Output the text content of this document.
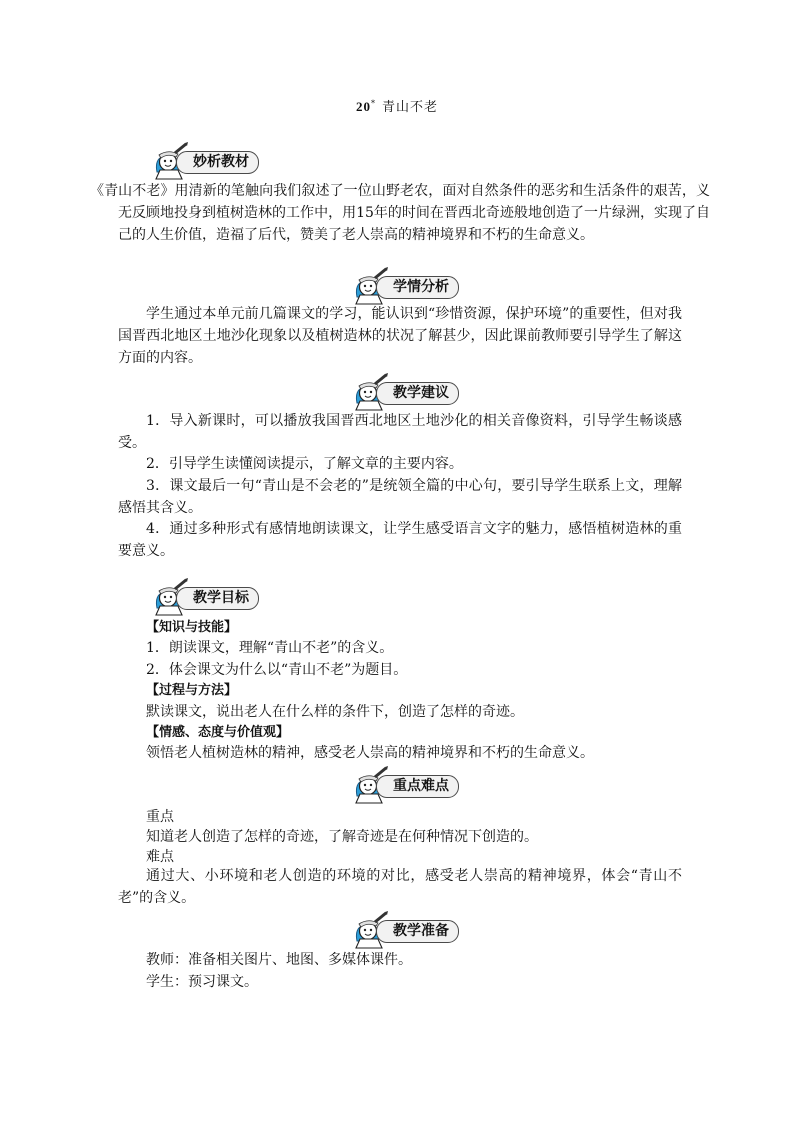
20* 青山不老
妙析教材

《青山不老》用清新的笔触向我们叙述了一位山野老农，面对自然条件的恶劣和生活条件的艰苦，义无反顾地投身到植树造林的工作中，用15年的时间在晋西北奇迹般地创造了一片绿洲，实现了自己的人生价值，造福了后代，赞美了老人崇高的精神境界和不朽的生命意义。

学情分析

学生通过本单元前几篇课文的学习，能认识到“珍惜资源，保护环境”的重要性，但对我国晋西北地区土地沙化现象以及植树造林的状况了解甚少，因此课前教师要引导学生了解这方面的内容。

教学建议

1．导入新课时，可以播放我国晋西北地区土地沙化的相关音像资料，引导学生畅谈感受。

2．引导学生读懂阅读提示，了解文章的主要内容。

3．课文最后一句“青山是不会老的”是统领全篇的中心句，要引导学生联系上文，理解感悟其含义。

4．通过多种形式有感情地朗读课文，让学生感受语言文字的魅力，感悟植树造林的重要意义。

教学目标
【知识与技能】
1．朗读课文，理解“青山不老”的含义。
2．体会课文为什么以“青山不老”为题目。
【过程与方法】
默读课文，说出老人在什么样的条件下，创造了怎样的奇迹。
【情感、态度与价值观】
领悟老人植树造林的精神，感受老人崇高的精神境界和不朽的生命意义。
重点难点
重点
知道老人创造了怎样的奇迹，了解奇迹是在何种情况下创造的。
难点

通过大、小环境和老人创造的环境的对比，感受老人崇高的精神境界，体会“青山不老”的含义。

教学准备
教师：准备相关图片、地图、多媒体课件。
学生：预习课文。
